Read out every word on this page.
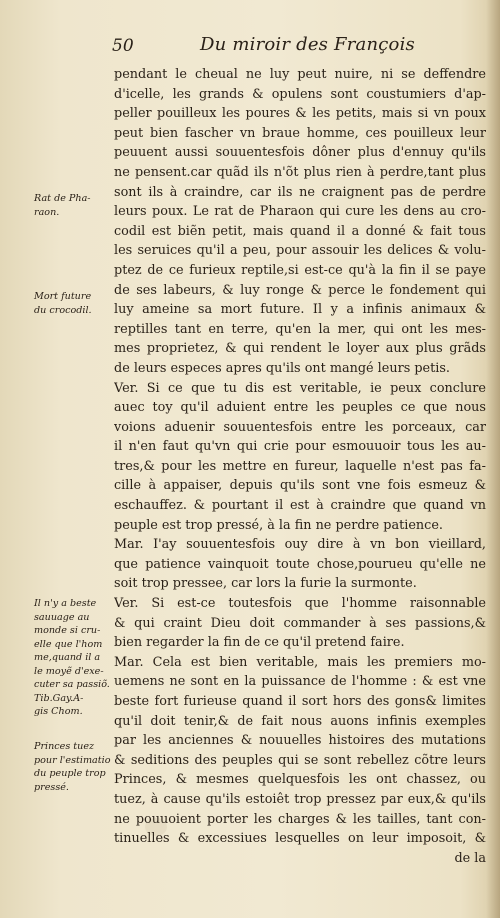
50	Du miroir des François
pendant le cheual ne luy peut nuire, ni se deffendre
d'icelle, les grands & opulens sont coustumiers d'ap-
peller pouilleux les poures & les petits, mais si vn poux
peut bien fascher vn braue homme, ces pouilleux leur
peuuent aussi souuentesfois dôner plus d'ennuy qu'ils
ne pensent.car quãd ils n'õt plus rien à perdre,tant plus
sont ils à craindre, car ils ne craignent pas de perdre
leurs poux. Le rat de Pharaon qui cure les dens au cro-
codil est biẽn petit, mais quand il a donné & fait tous
les seruices qu'il a peu, pour assouir les delices & volu-
ptez de ce furieux reptile,si est-ce qu'à la fin il se paye
de ses labeurs, & luy ronge & perce le fondement qui
luy ameine sa mort future. Il y a infinis animaux &
reptilles tant en terre, qu'en la mer, qui ont les mes-
mes proprietez, & qui rendent le loyer aux plus grãds
de leurs especes apres qu'ils ont mangé leurs petis.
Ver. Si ce que tu dis est veritable, ie peux conclure
auec toy qu'il aduient entre les peuples ce que nous
voions aduenir souuentesfois entre les porceaux, car
il n'en faut qu'vn qui crie pour esmouuoir tous les au-
tres,& pour les mettre en fureur, laquelle n'est pas fa-
cille à appaiser, depuis qu'ils sont vne fois esmeuz &
eschauffez. & pourtant il est à craindre que quand vn
peuple est trop pressé, à la fin ne perdre patience.
Mar. I'ay souuentesfois ouy dire à vn bon vieillard,
que patience vainquoit toute chose,pourueu qu'elle ne
soit trop pressee, car lors la furie la surmonte.
Ver. Si est-ce toutesfois que l'homme raisonnable
& qui craint Dieu doit commander à ses passions,&
bien regarder la fin de ce qu'il pretend faire.
Mar. Cela est bien veritable, mais les premiers mo-
uemens ne sont en la puissance de l'homme : & est vne
beste fort furieuse quand il sort hors des gons& limites
qu'il doit tenir,& de fait nous auons infinis exemples
par les anciennes & nouuelles histoires des mutations
& seditions des peuples qui se sont rebellez cõtre leurs
Princes, & mesmes quelquesfois les ont chassez, ou
tuez, à cause qu'ils estoiêt trop pressez par eux,& qu'ils
ne pouuoient porter les charges & les tailles, tant con-
tinuelles & excessiues lesquelles on leur imposoit, &
de la
Rat de Pha-
raon.
Mort future
du crocodil.
Il n'y a beste
sauuage au
monde si cru-
elle que l'hom
me,quand il a
le moyẽ d'exe-
cuter sa passiõ.
Tib.Gay.A-
gis Chom.
Princes tuez
pour l'estimatio
du peuple trop
pressé.
